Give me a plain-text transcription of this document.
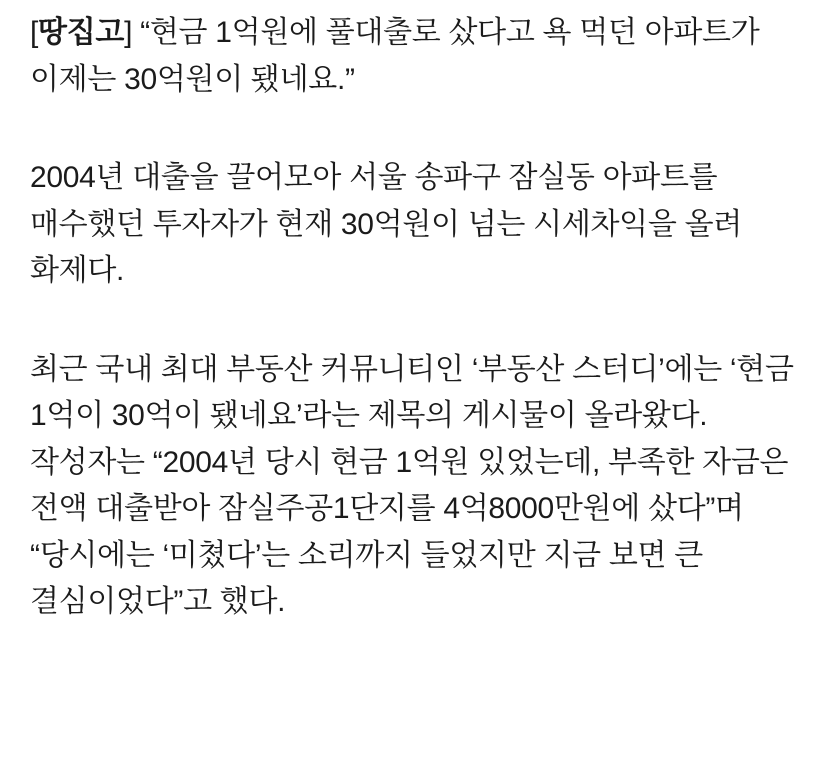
[땅집고] “현금 1억원에 풀대출로 샀다고 욕 먹던 아파트가 이제는 30억원이 됐네요.”

2004년 대출을 끌어모아 서울 송파구 잠실동 아파트를 매수했던 투자자가 현재 30억원이 넘는 시세차익을 올려 화제다.

최근 국내 최대 부동산 커뮤니티인 ‘부동산 스터디’에는 ‘현금 1억이 30억이 됐네요’라는 제목의 게시물이 올라왔다. 작성자는 “2004년 당시 현금 1억원 있었는데, 부족한 자금은 전액 대출받아 잠실주공1단지를 4억8000만원에 샀다”며 “당시에는 ‘미쳤다’는 소리까지 들었지만 지금 보면 큰 결심이었다”고 했다.
